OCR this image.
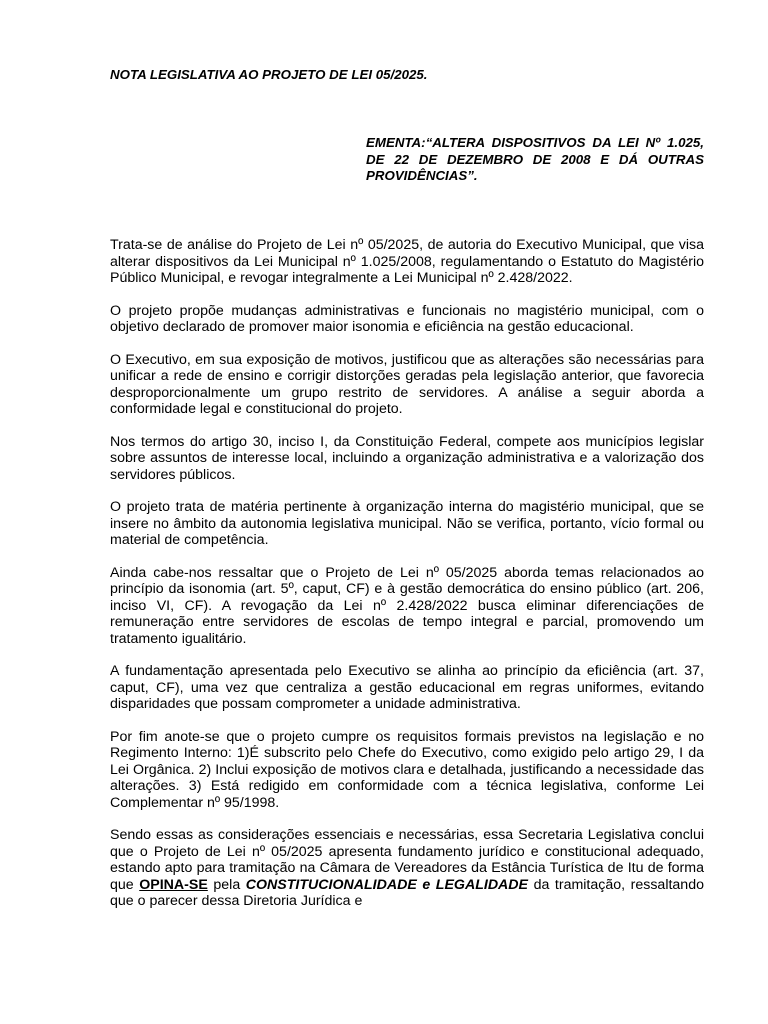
NOTA LEGISLATIVA AO PROJETO DE LEI 05/2025.

EMENTA:“ALTERA DISPOSITIVOS DA LEI Nº 1.025, DE 22 DE DEZEMBRO DE 2008 E DÁ OUTRAS PROVIDÊNCIAS”.

Trata-se de análise do Projeto de Lei nº 05/2025, de autoria do Executivo Municipal, que visa alterar dispositivos da Lei Municipal nº 1.025/2008, regulamentando o Estatuto do Magistério Público Municipal, e revogar integralmente a Lei Municipal nº 2.428/2022.

O projeto propõe mudanças administrativas e funcionais no magistério municipal, com o objetivo declarado de promover maior isonomia e eficiência na gestão educacional.

O Executivo, em sua exposição de motivos, justificou que as alterações são necessárias para unificar a rede de ensino e corrigir distorções geradas pela legislação anterior, que favorecia desproporcionalmente um grupo restrito de servidores. A análise a seguir aborda a conformidade legal e constitucional do projeto.

Nos termos do artigo 30, inciso I, da Constituição Federal, compete aos municípios legislar sobre assuntos de interesse local, incluindo a organização administrativa e a valorização dos servidores públicos.

O projeto trata de matéria pertinente à organização interna do magistério municipal, que se insere no âmbito da autonomia legislativa municipal. Não se verifica, portanto, vício formal ou material de competência.

Ainda cabe-nos ressaltar que o Projeto de Lei nº 05/2025 aborda temas relacionados ao princípio da isonomia (art. 5º, caput, CF) e à gestão democrática do ensino público (art. 206, inciso VI, CF). A revogação da Lei nº 2.428/2022 busca eliminar diferenciações de remuneração entre servidores de escolas de tempo integral e parcial, promovendo um tratamento igualitário.

A fundamentação apresentada pelo Executivo se alinha ao princípio da eficiência (art. 37, caput, CF), uma vez que centraliza a gestão educacional em regras uniformes, evitando disparidades que possam comprometer a unidade administrativa.

Por fim anote-se que o projeto cumpre os requisitos formais previstos na legislação e no Regimento Interno: 1)É subscrito pelo Chefe do Executivo, como exigido pelo artigo 29, I da Lei Orgânica. 2) Inclui exposição de motivos clara e detalhada, justificando a necessidade das alterações. 3) Está redigido em conformidade com a técnica legislativa, conforme Lei Complementar nº 95/1998.

Sendo essas as considerações essenciais e necessárias, essa Secretaria Legislativa conclui que o Projeto de Lei nº 05/2025 apresenta fundamento jurídico e constitucional adequado, estando apto para tramitação na Câmara de Vereadores da Estância Turística de Itu de forma que OPINA-SE pela CONSTITUCIONALIDADE e LEGALIDADE da tramitação, ressaltando que o parecer dessa Diretoria Jurídica e
